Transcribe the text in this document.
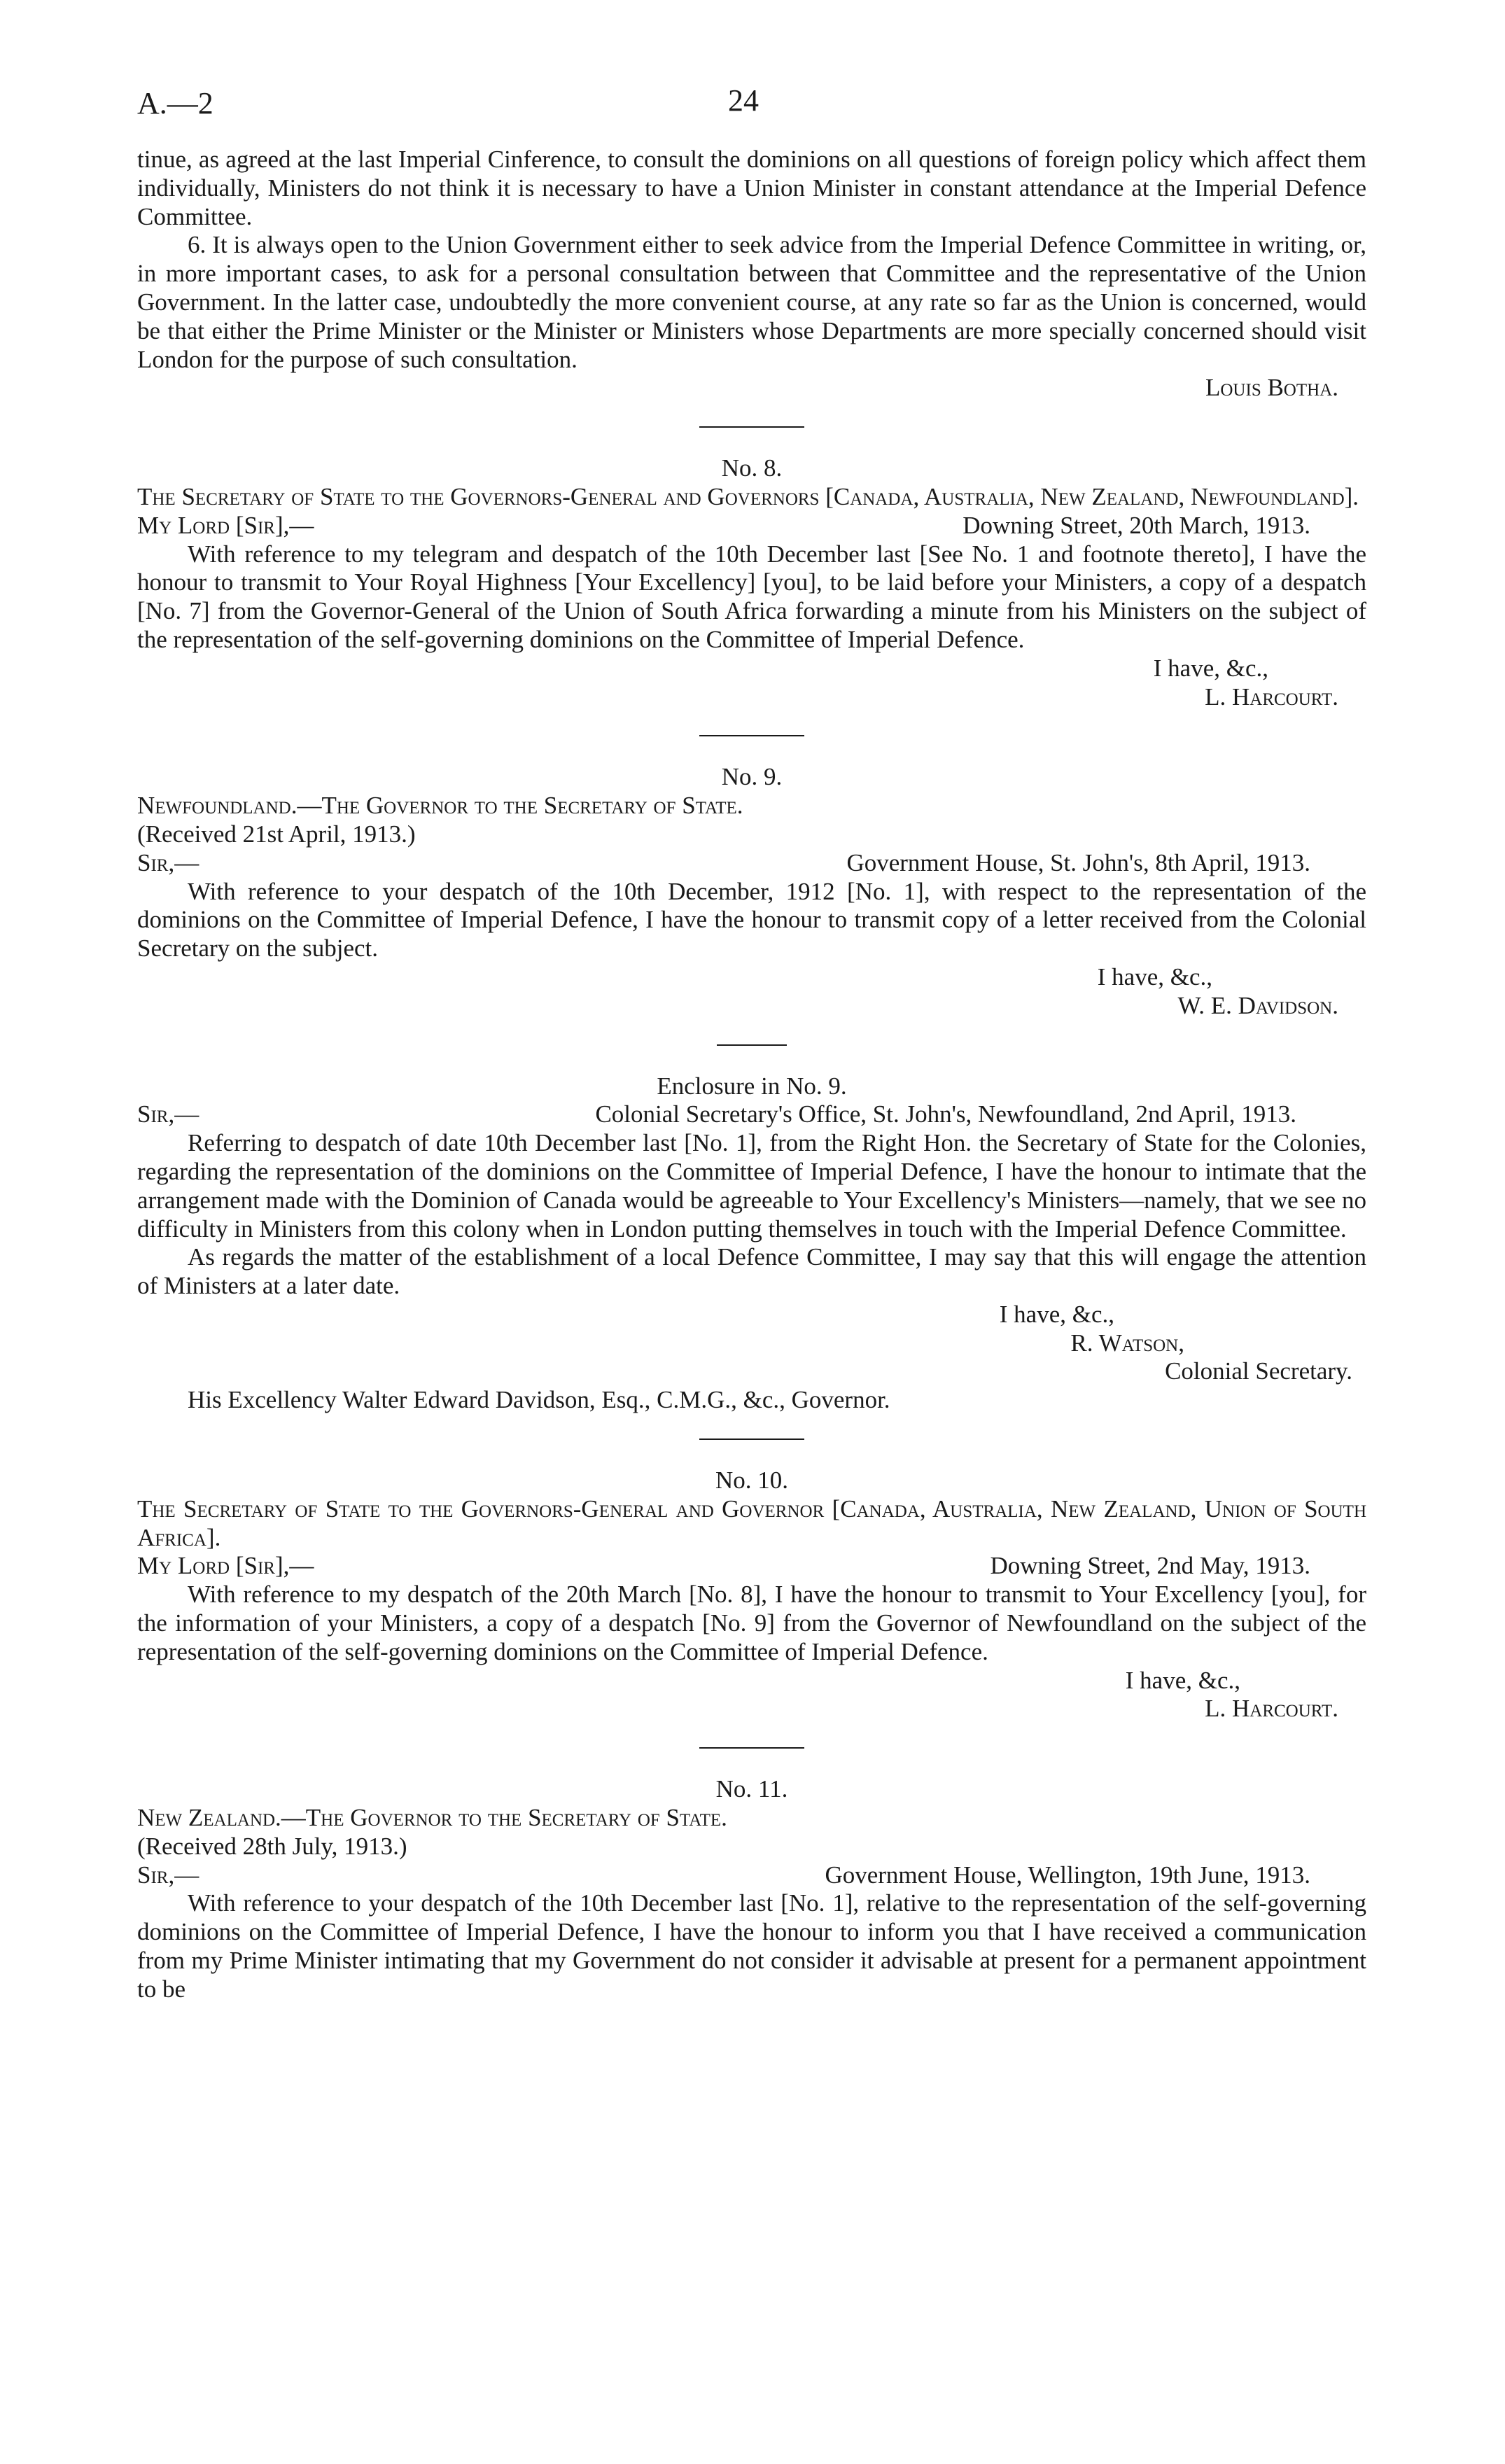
A.—2	24

tinue, as agreed at the last Imperial Cinference, to consult the dominions on all questions of foreign policy which affect them individually, Ministers do not think it is necessary to have a Union Minister in constant attendance at the Imperial Defence Committee.

6. It is always open to the Union Government either to seek advice from the Imperial Defence Committee in writing, or, in more important cases, to ask for a personal consultation between that Committee and the representative of the Union Government. In the latter case, undoubtedly the more convenient course, at any rate so far as the Union is concerned, would be that either the Prime Minister or the Minister or Ministers whose Departments are more specially concerned should visit London for the purpose of such consultation.

Louis Botha.
No. 8.

The Secretary of State to the Governors-General and Governors [Canada, Australia, New Zealand, Newfoundland].

My Lord [Sir],—	Downing Street, 20th March, 1913.

With reference to my telegram and despatch of the 10th December last [See No. 1 and footnote thereto], I have the honour to transmit to Your Royal Highness [Your Excellency] [you], to be laid before your Ministers, a copy of a despatch [No. 7] from the Governor-General of the Union of South Africa forwarding a minute from his Ministers on the subject of the representation of the self-governing dominions on the Committee of Imperial Defence.

I have, &c.,
L. Harcourt.
No. 9.

Newfoundland.—The Governor to the Secretary of State.

(Received 21st April, 1913.)

Sir,—	Government House, St. John's, 8th April, 1913.

With reference to your despatch of the 10th December, 1912 [No. 1], with respect to the representation of the dominions on the Committee of Imperial Defence, I have the honour to transmit copy of a letter received from the Colonial Secretary on the subject.

I have, &c.,
W. E. Davidson.
Enclosure in No. 9.
Sir,—	Colonial Secretary's Office, St. John's, Newfoundland, 2nd April, 1913.

Referring to despatch of date 10th December last [No. 1], from the Right Hon. the Secretary of State for the Colonies, regarding the representation of the dominions on the Committee of Imperial Defence, I have the honour to intimate that the arrangement made with the Dominion of Canada would be agreeable to Your Excellency's Ministers—namely, that we see no difficulty in Ministers from this colony when in London putting themselves in touch with the Imperial Defence Committee.

As regards the matter of the establishment of a local Defence Committee, I may say that this will engage the attention of Ministers at a later date.

I have, &c.,
R. Watson,
Colonial Secretary.

His Excellency Walter Edward Davidson, Esq., C.M.G., &c., Governor.

No. 10.

The Secretary of State to the Governors-General and Governor [Canada, Australia, New Zealand, Union of South Africa].

My Lord [Sir],—	Downing Street, 2nd May, 1913.

With reference to my despatch of the 20th March [No. 8], I have the honour to transmit to Your Excellency [you], for the information of your Ministers, a copy of a despatch [No. 9] from the Governor of Newfoundland on the subject of the representation of the self-governing dominions on the Committee of Imperial Defence.

I have, &c.,
L. Harcourt.
No. 11.

New Zealand.—The Governor to the Secretary of State.

(Received 28th July, 1913.)

Sir,—	Government House, Wellington, 19th June, 1913.

With reference to your despatch of the 10th December last [No. 1], relative to the representation of the self-governing dominions on the Committee of Imperial Defence, I have the honour to inform you that I have received a communication from my Prime Minister intimating that my Government do not consider it advisable at present for a permanent appointment to be
